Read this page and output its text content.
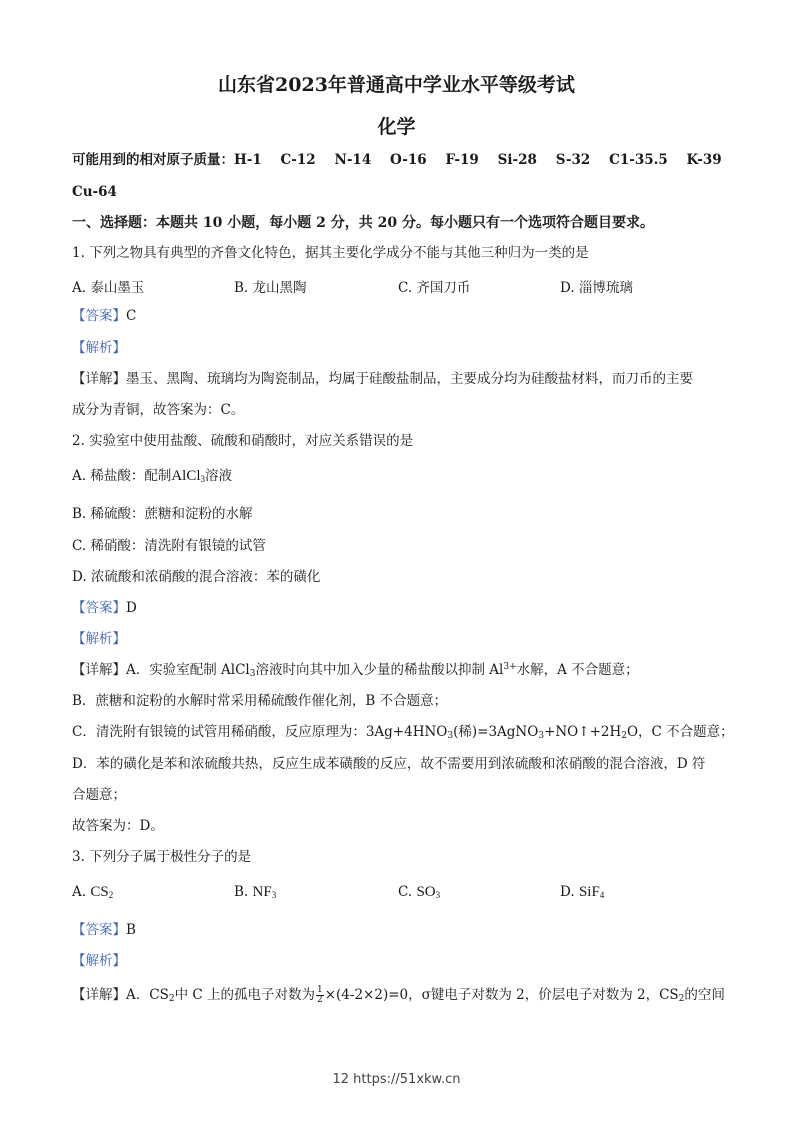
山东省2023年普通高中学业水平等级考试
化学
可能用到的相对原子质量：H-1    C-12    N-14    O-16    F-19    Si-28    S-32    C1-35.5    K-39
Cu-64
一、选择题：本题共 10 小题，每小题 2 分，共 20 分。每小题只有一个选项符合题目要求。
1. 下列之物具有典型的齐鲁文化特色，据其主要化学成分不能与其他三种归为一类的是
A. 泰山墨玉	B. 龙山黑陶	C. 齐国刀币	D. 淄博琉璃
【答案】C
【解析】
【详解】墨玉、黑陶、琉璃均为陶瓷制品，均属于硅酸盐制品，主要成分均为硅酸盐材料，而刀币的主要
成分为青铜，故答案为：C。
2. 实验室中使用盐酸、硫酸和硝酸时，对应关系错误的是
A. 稀盐酸：配制AlCl$_3$溶液
B. 稀硫酸：蔗糖和淀粉的水解
C. 稀硝酸：清洗附有银镜的试管
D. 浓硫酸和浓硝酸的混合溶液：苯的磺化
【答案】D
【解析】
【详解】A．实验室配制 AlCl$_3$溶液时向其中加入少量的稀盐酸以抑制 $Al^{3+}$水解，A 不合题意；
B．蔗糖和淀粉的水解时常采用稀硫酸作催化剂，B 不合题意；
C．清洗附有银镜的试管用稀硝酸，反应原理为：$3Ag+4HNO_3$(稀)$=3AgNO_3+NO↑+2H_2O$，C 不合题意；
D．苯的磺化是苯和浓硫酸共热，反应生成苯磺酸的反应，故不需要用到浓硫酸和浓硝酸的混合溶液，D 符
合题意；
故答案为：D。
3. 下列分子属于极性分子的是
A. $CS_2$	B. $NF_3$	C. $SO_3$	D. SiF$_4$
【答案】B
【解析】
【详解】A．$CS_2$中 C 上的孤电子对数为 $\frac{1}{2} \times(4-2\times 2)=0$，σ键电子对数为 2，价层电子对数为 2，$CS_2$的空间
12 https://51xkw.cn
